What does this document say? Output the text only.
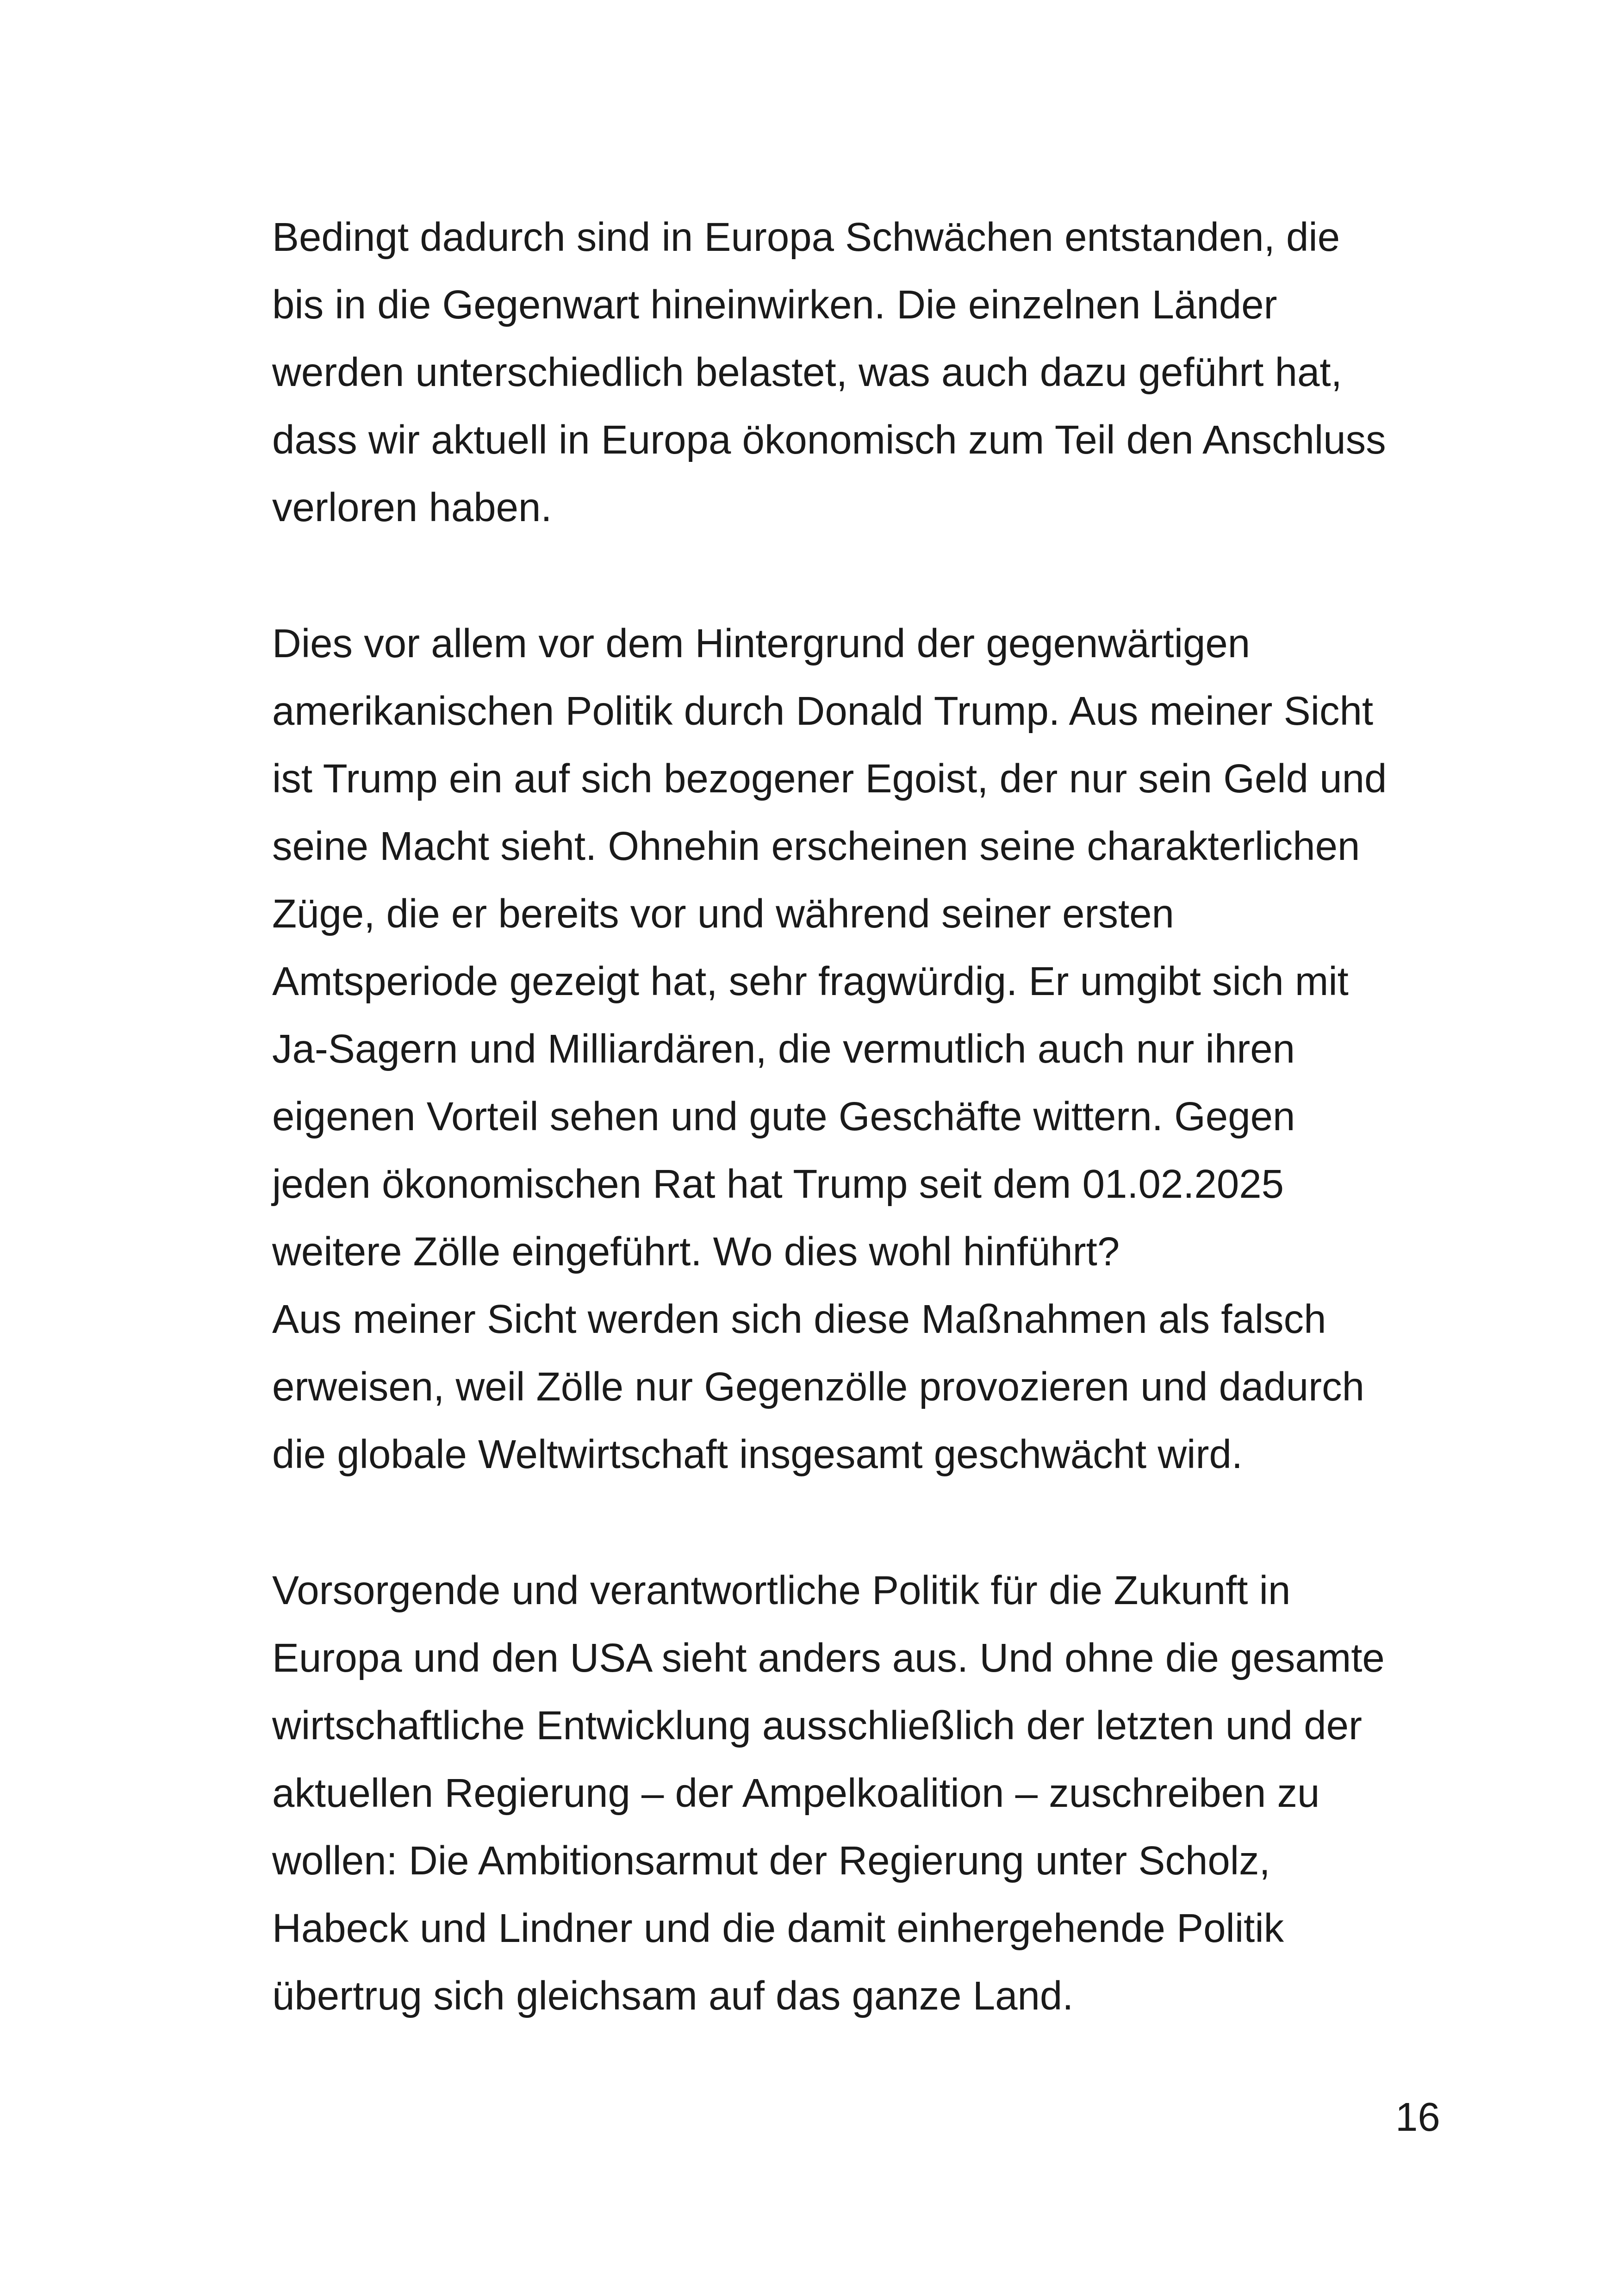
Bedingt dadurch sind in Europa Schwächen entstanden, die
bis in die Gegenwart hineinwirken. Die einzelnen Länder
werden unterschiedlich belastet, was auch dazu geführt hat,
dass wir aktuell in Europa ökonomisch zum Teil den Anschluss
verloren haben.
Dies vor allem vor dem Hintergrund der gegenwärtigen
amerikanischen Politik durch Donald Trump. Aus meiner Sicht
ist Trump ein auf sich bezogener Egoist, der nur sein Geld und
seine Macht sieht. Ohnehin erscheinen seine charakterlichen
Züge, die er bereits vor und während seiner ersten
Amtsperiode gezeigt hat, sehr fragwürdig. Er umgibt sich mit
Ja-Sagern und Milliardären, die vermutlich auch nur ihren
eigenen Vorteil sehen und gute Geschäfte wittern. Gegen
jeden ökonomischen Rat hat Trump seit dem 01.02.2025
weitere Zölle eingeführt. Wo dies wohl hinführt?
Aus meiner Sicht werden sich diese Maßnahmen als falsch
erweisen, weil Zölle nur Gegenzölle provozieren und dadurch
die globale Weltwirtschaft insgesamt geschwächt wird.
Vorsorgende und verantwortliche Politik für die Zukunft in
Europa und den USA sieht anders aus. Und ohne die gesamte
wirtschaftliche Entwicklung ausschließlich der letzten und der
aktuellen Regierung – der Ampelkoalition – zuschreiben zu
wollen: Die Ambitionsarmut der Regierung unter Scholz,
Habeck und Lindner und die damit einhergehende Politik
übertrug sich gleichsam auf das ganze Land.
16
